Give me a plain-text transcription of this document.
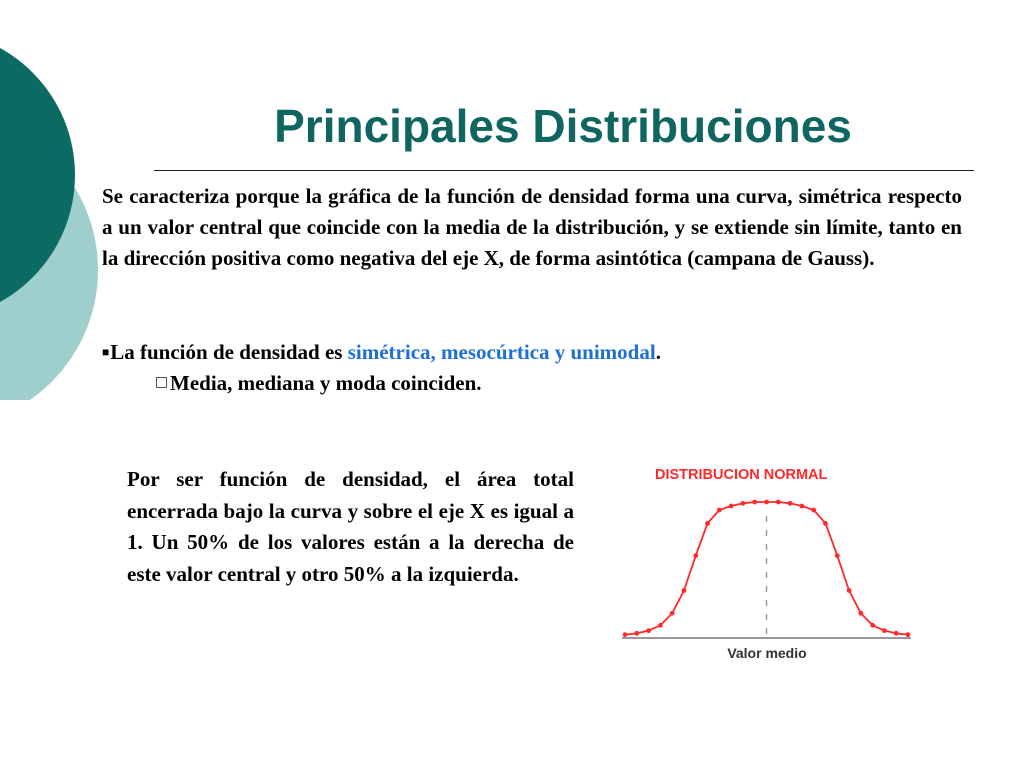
Principales Distribuciones

Se caracteriza porque la gráfica de la función de densidad forma una curva, simétrica respecto a un valor central que coincide con la media de la distribución, y se extiende sin límite, tanto en la dirección positiva como negativa del eje X, de forma asintótica (campana de Gauss).

■La función de densidad es simétrica, mesocúrtica y unimodal.
Media, mediana y moda coinciden.

Por ser función de densidad, el área total encerrada bajo la curva y sobre el eje X es igual a 1. Un 50% de los valores están a la derecha de este valor central y otro 50% a la izquierda.

DISTRIBUCION NORMAL
Valor medio
